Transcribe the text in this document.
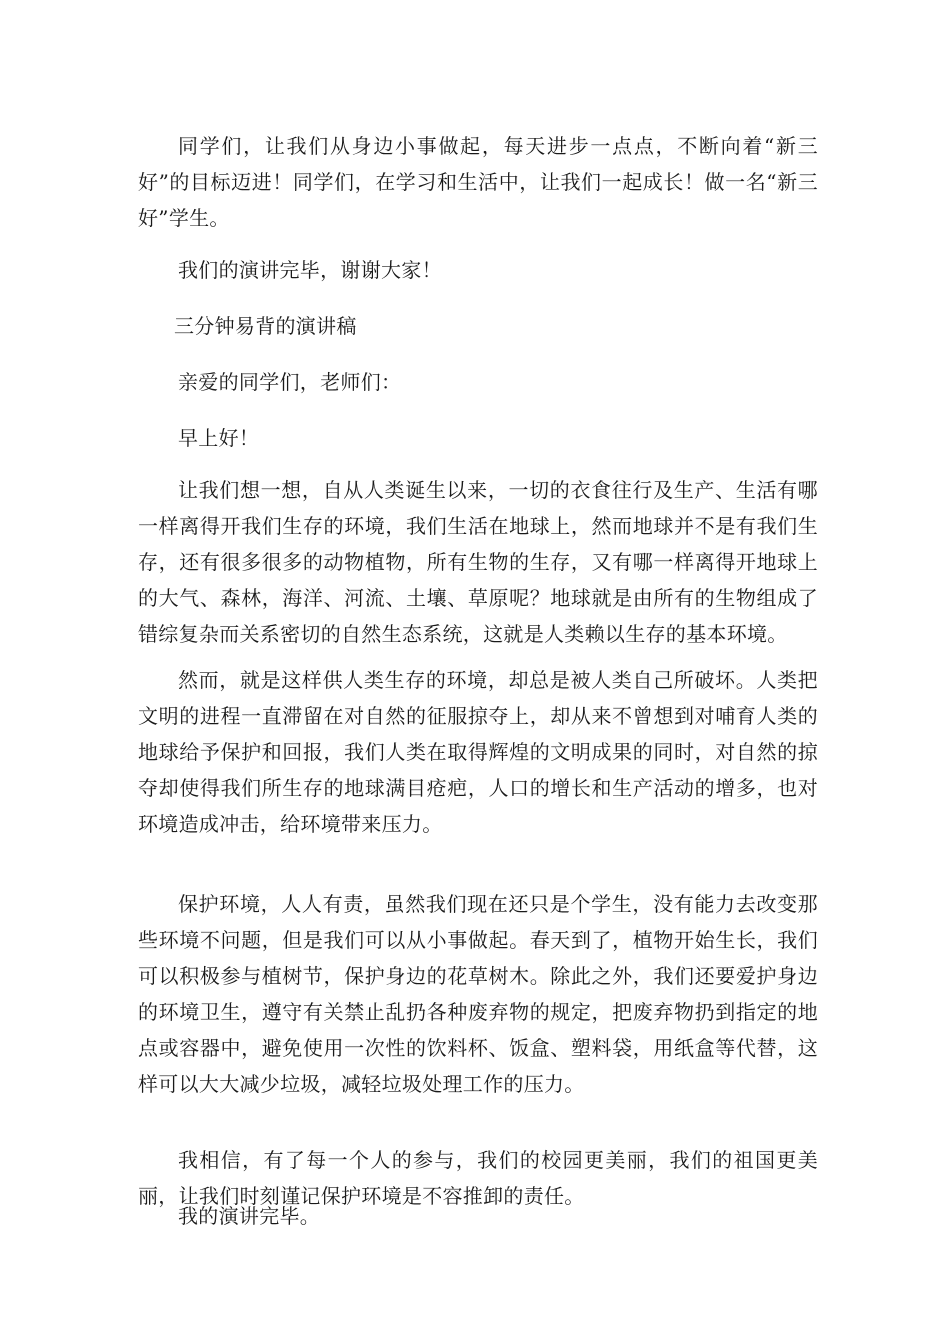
同学们，让我们从身边小事做起，每天进步一点点，不断向着“新三好”的目标迈进！同学们，在学习和生活中，让我们一起成长！做一名“新三好”学生。

我们的演讲完毕，谢谢大家！

三分钟易背的演讲稿

亲爱的同学们，老师们：

早上好！

让我们想一想，自从人类诞生以来，一切的衣食往行及生产、生活有哪一样离得开我们生存的环境，我们生活在地球上，然而地球并不是有我们生存，还有很多很多的动物植物，所有生物的生存，又有哪一样离得开地球上的大气、森林，海洋、河流、土壤、草原呢？地球就是由所有的生物组成了错综复杂而关系密切的自然生态系统，这就是人类赖以生存的基本环境。

然而，就是这样供人类生存的环境，却总是被人类自己所破坏。人类把文明的进程一直滞留在对自然的征服掠夺上，却从来不曾想到对哺育人类的地球给予保护和回报，我们人类在取得辉煌的文明成果的同时，对自然的掠夺却使得我们所生存的地球满目疮疤，人口的增长和生产活动的增多，也对环境造成冲击，给环境带来压力。

保护环境，人人有责，虽然我们现在还只是个学生，没有能力去改变那些环境不问题，但是我们可以从小事做起。春天到了，植物开始生长，我们可以积极参与植树节，保护身边的花草树木。除此之外，我们还要爱护身边的环境卫生，遵守有关禁止乱扔各种废弃物的规定，把废弃物扔到指定的地点或容器中，避免使用一次性的饮料杯、饭盒、塑料袋，用纸盒等代替，这样可以大大减少垃圾，减轻垃圾处理工作的压力。

我相信，有了每一个人的参与，我们的校园更美丽，我们的祖国更美丽，让我们时刻谨记保护环境是不容推卸的责任。

我的演讲完毕。
